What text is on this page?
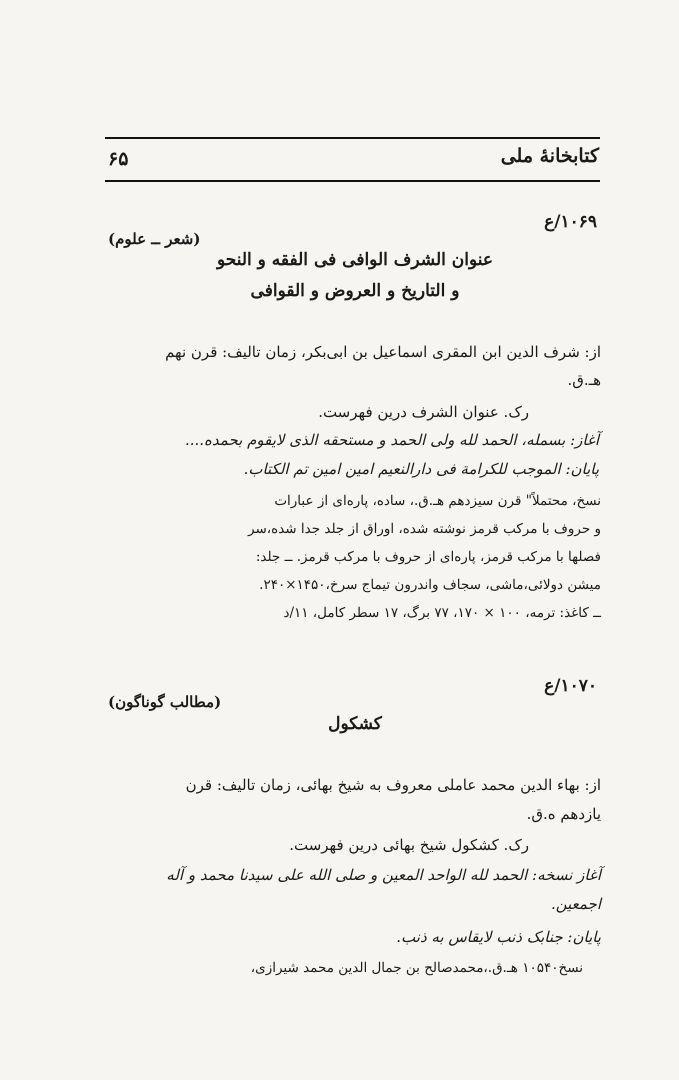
کتابخانهٔ ملی
۶۵
۱۰۶۹/ع
(شعر ــ علوم)
عنوان الشرف الوافی فی الفقه و النحو
و التاریخ و العروض و القوافی
از: شرف الدین ابن المقری اسماعیل بن ابی‌بکر، زمان تالیف: قرن نهم
هـ.ق.
رک. عنوان الشرف درین فهرست.
آغاز: بسمله، الحمد لله ولی الحمد و مستحقه الذی لایقوم بحمده....
پایان: الموجب للکرامة فی دارالنعیم امین امین تم الکتاب.
نسخ، محتملاً" قرن سیزدهم هـ.ق.، ساده، پاره‌ای از عبارات
و حروف با مرکب قرمز نوشته شده، اوراق از جلد جدا شده،سر
فصلها با مرکب قرمز، پاره‌ای از حروف با مرکب قرمز. ــ جلد:
میشن دولائی،ماشی، سجاف واندرون تیماج سرخ،۱۴۵۰×۲۴۰.
ــ کاغذ: ترمه، ۱۰۰ × ۱۷۰، ۷۷ برگ، ۱۷ سطر کامل، ۱۱/د
۱۰۷۰/ع
(مطالب گوناگون)
کشکول
از: بهاء الدین محمد عاملی معروف به شیخ بهائی، زمان تالیف: قرن
یازدهم ه.ق.
رک. کشکول شیخ بهائی درین فهرست.
آغاز نسخه: الحمد لله الواحد المعین و صلی الله علی سیدنا محمد و آله
اجمعین.
پایان: جنابک ذنب لایقاس به ذنب.
نسخ۱۰۵۴۰ هـ.ق.،محمدصالح بن جمال الدین محمد شیرازی،
